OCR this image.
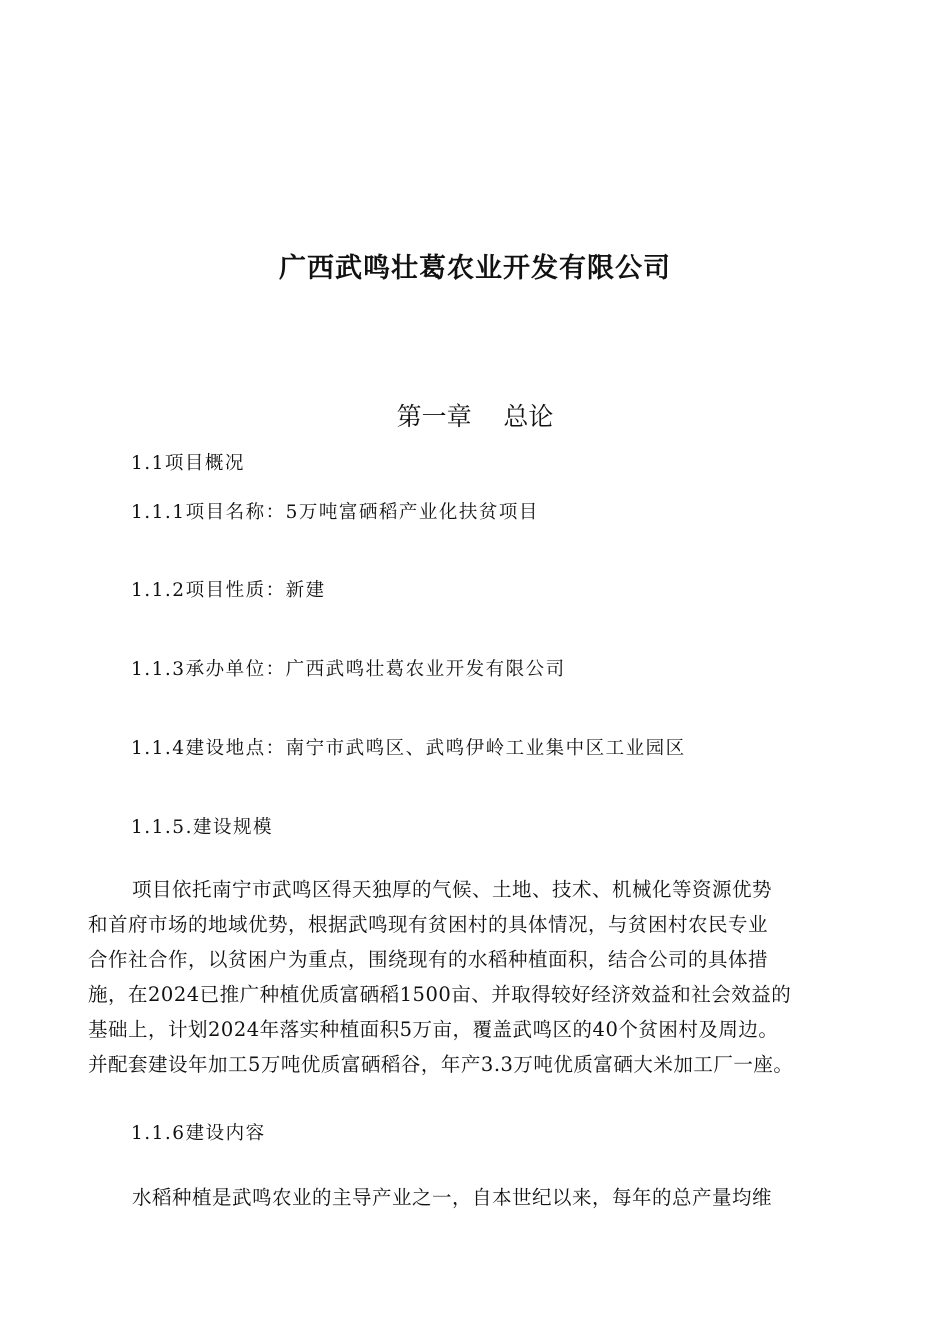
广西武鸣壮葛农业开发有限公司
第一章    总论

1.1项目概况

1.1.1项目名称：5万吨富硒稻产业化扶贫项目

1.1.2项目性质：新建

1.1.3承办单位：广西武鸣壮葛农业开发有限公司

1.1.4建设地点：南宁市武鸣区、武鸣伊岭工业集中区工业园区

1.1.5.建设规模

项目依托南宁市武鸣区得天独厚的气候、土地、技术、机械化等资源优势
和首府市场的地域优势，根据武鸣现有贫困村的具体情况，与贫困村农民专业
合作社合作，以贫困户为重点，围绕现有的水稻种植面积，结合公司的具体措
施，在2024已推广种植优质富硒稻1500亩、并取得较好经济效益和社会效益的
基础上，计划2024年落实种植面积5万亩，覆盖武鸣区的40个贫困村及周边。
并配套建设年加工5万吨优质富硒稻谷，年产3.3万吨优质富硒大米加工厂一座。

1.1.6建设内容

水稻种植是武鸣农业的主导产业之一，自本世纪以来，每年的总产量均维
